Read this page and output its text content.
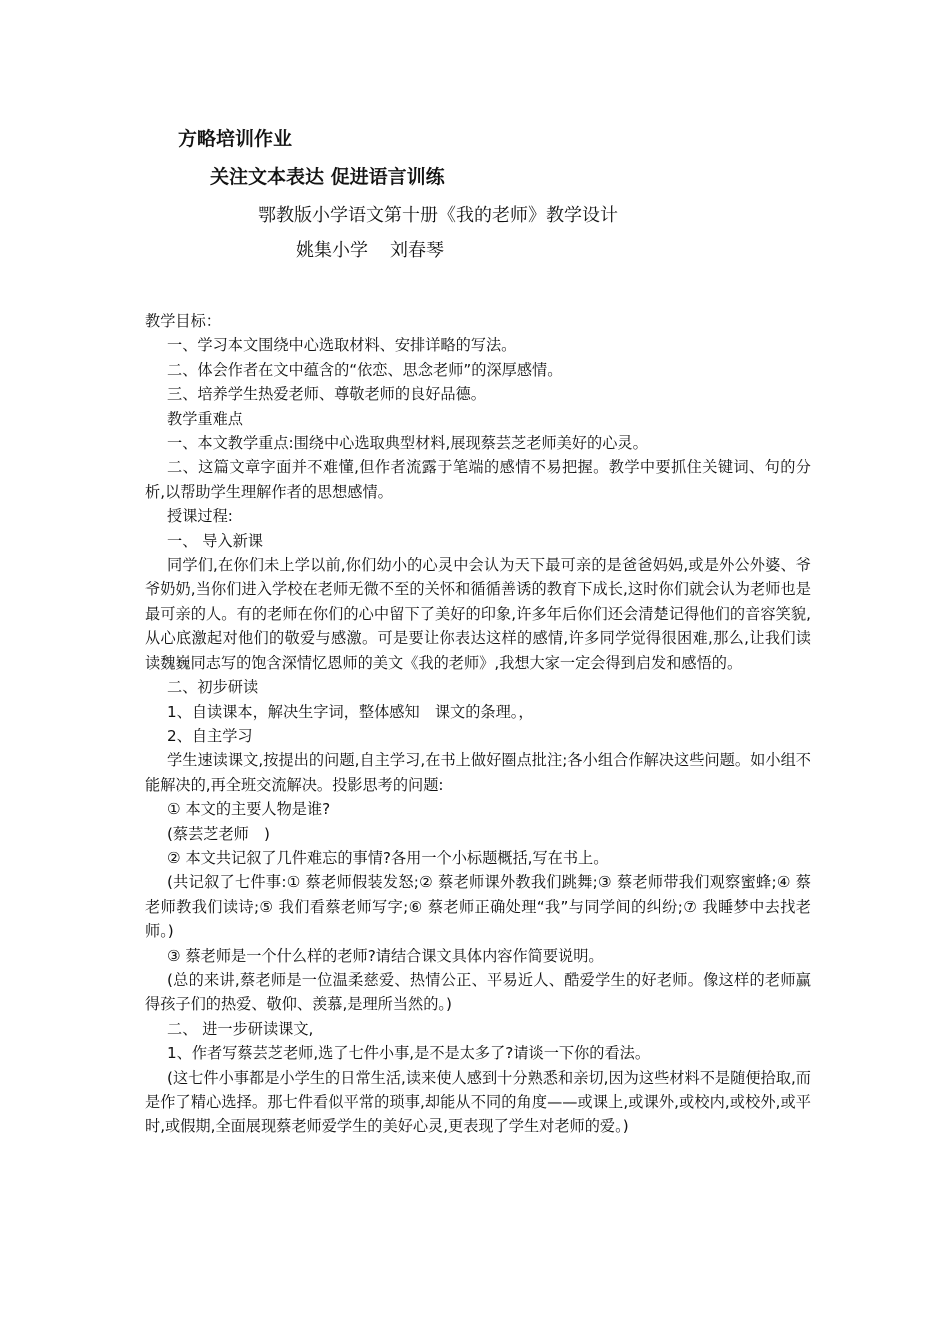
方略培训作业
关注文本表达 促进语言训练
鄂教版小学语文第十册《我的老师》教学设计
姚集小学 刘春琴

教学目标：

一、学习本文围绕中心选取材料、安排详略的写法。

二、体会作者在文中蕴含的“依恋、思念老师”的深厚感情。

三、培养学生热爱老师、尊敬老师的良好品德。

教学重难点

一、本文教学重点:围绕中心选取典型材料,展现蔡芸芝老师美好的心灵。

二、这篇文章字面并不难懂,但作者流露于笔端的感情不易把握。教学中要抓住关键词、句的分析,以帮助学生理解作者的思想感情。

授课过程:

一、 导入新课

同学们,在你们未上学以前,你们幼小的心灵中会认为天下最可亲的是爸爸妈妈,或是外公外婆、爷爷奶奶,当你们进入学校在老师无微不至的关怀和循循善诱的教育下成长,这时你们就会认为老师也是最可亲的人。有的老师在你们的心中留下了美好的印象,许多年后你们还会清楚记得他们的音容笑貌,从心底激起对他们的敬爱与感激。可是要让你表达这样的感情,许多同学觉得很困难,那么,让我们读读魏巍同志写的饱含深情忆恩师的美文《我的老师》,我想大家一定会得到启发和感悟的。

二、初步研读

1、自读课本，解决生字词，整体感知　课文的条理。，

2、自主学习

学生速读课文,按提出的问题,自主学习,在书上做好圈点批注;各小组合作解决这些问题。如小组不能解决的,再全班交流解决。投影思考的问题:

① 本文的主要人物是谁?

(蔡芸芝老师　)

② 本文共记叙了几件难忘的事情?各用一个小标题概括,写在书上。

(共记叙了七件事:① 蔡老师假装发怒;② 蔡老师课外教我们跳舞;③ 蔡老师带我们观察蜜蜂;④ 蔡老师教我们读诗;⑤ 我们看蔡老师写字;⑥ 蔡老师正确处理“我”与同学间的纠纷;⑦ 我睡梦中去找老师。)

③ 蔡老师是一个什么样的老师?请结合课文具体内容作简要说明。

(总的来讲,蔡老师是一位温柔慈爱、热情公正、平易近人、酷爱学生的好老师。像这样的老师赢得孩子们的热爱、敬仰、羡慕,是理所当然的。)

二、 进一步研读课文,

1、作者写蔡芸芝老师,选了七件小事,是不是太多了?请谈一下你的看法。

(这七件小事都是小学生的日常生活,读来使人感到十分熟悉和亲切,因为这些材料不是随便拾取,而是作了精心选择。那七件看似平常的琐事,却能从不同的角度——或课上,或课外,或校内,或校外,或平时,或假期,全面展现蔡老师爱学生的美好心灵,更表现了学生对老师的爱。)
